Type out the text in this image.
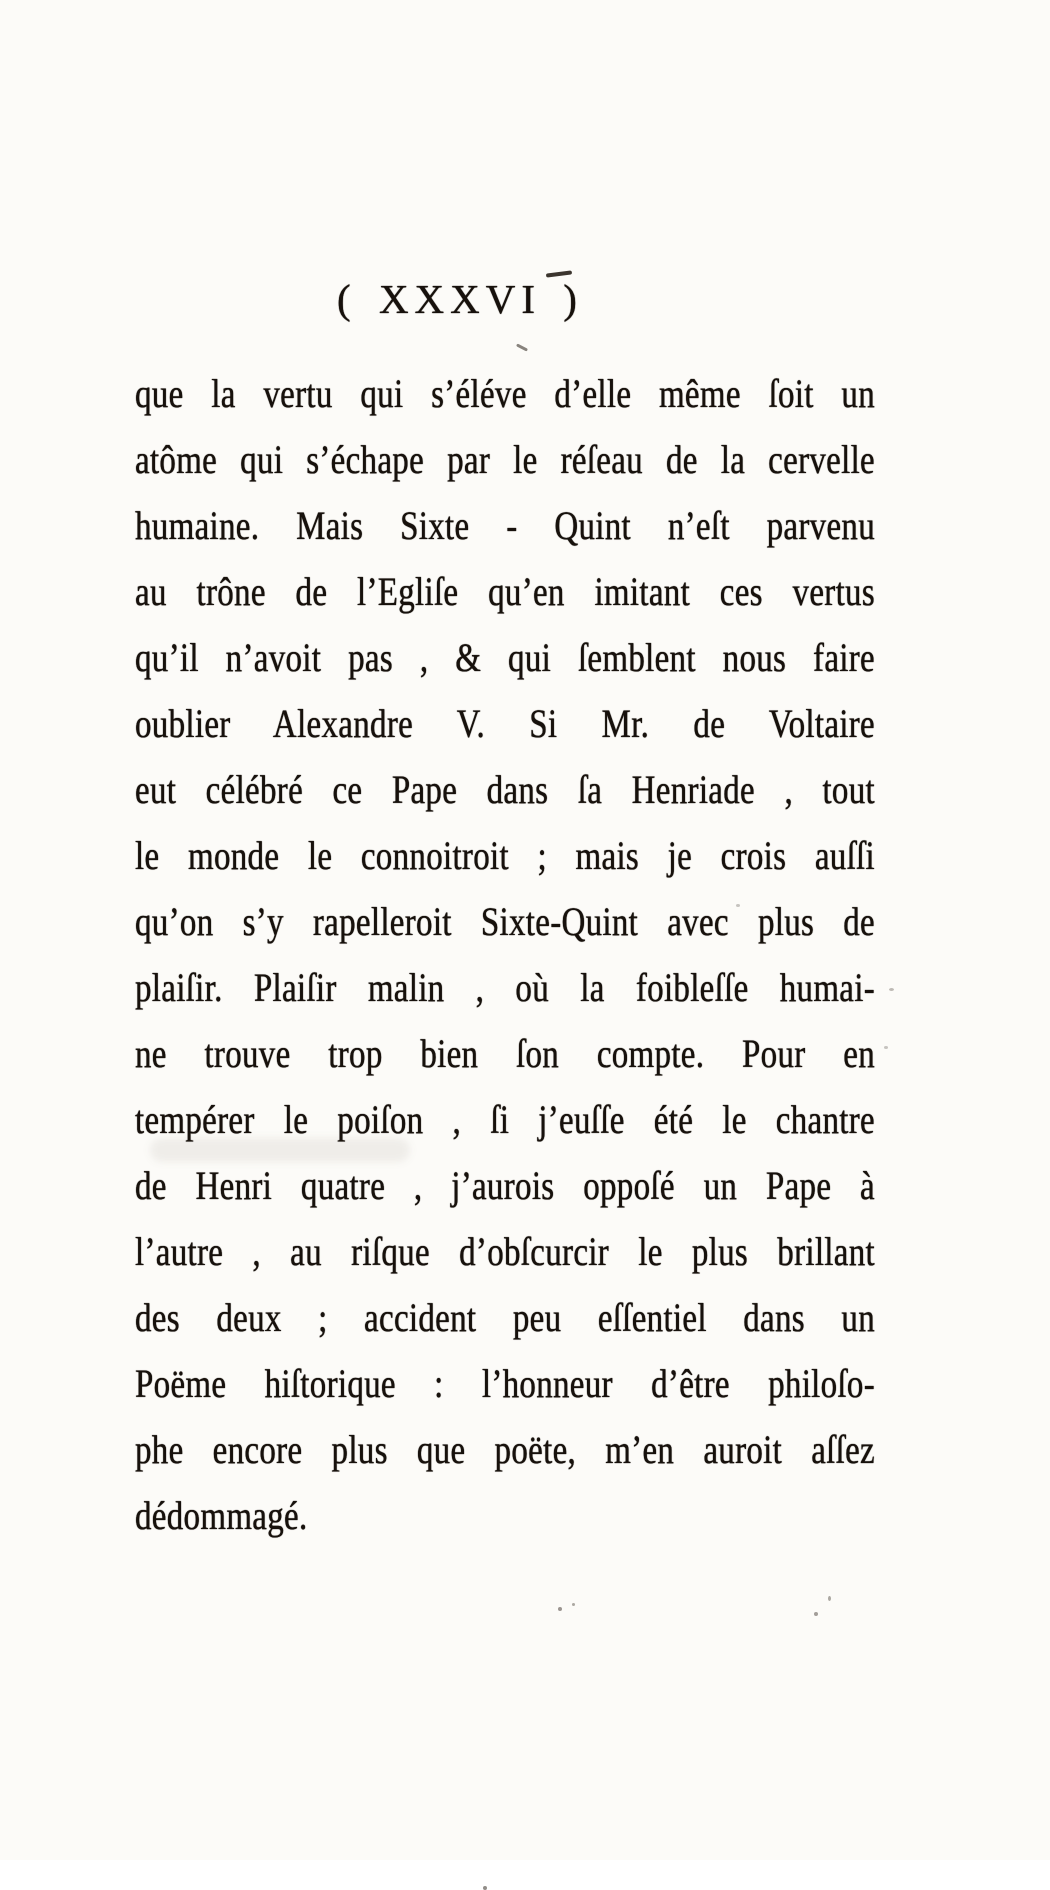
( XXXVI )
que la vertu qui s’éléve d’elle même ſoit un
atôme qui s’échape par le réſeau de la cervelle
humaine. Mais Sixte - Quint n’eſt parvenu
au trône de l’Egliſe qu’en imitant ces vertus
qu’il n’avoit pas , & qui ſemblent nous faire
oublier Alexandre V. Si Mr. de Voltaire
eut célébré ce Pape dans ſa Henriade , tout
le monde le connoitroit ; mais je crois auſſi
qu’on s’y rapelleroit Sixte-Quint avec plus de
plaiſir. Plaiſir malin , où la foibleſſe humai-
ne trouve trop bien ſon compte. Pour en
tempérer le poiſon , ſi j’euſſe été le chantre
de Henri quatre , j’aurois oppoſé un Pape à
l’autre , au riſque d’obſcurcir le plus brillant
des deux ; accident peu eſſentiel dans un
Poëme hiſtorique : l’honneur d’être philoſo-
phe encore plus que poëte, m’en auroit aſſez
dédommagé.
